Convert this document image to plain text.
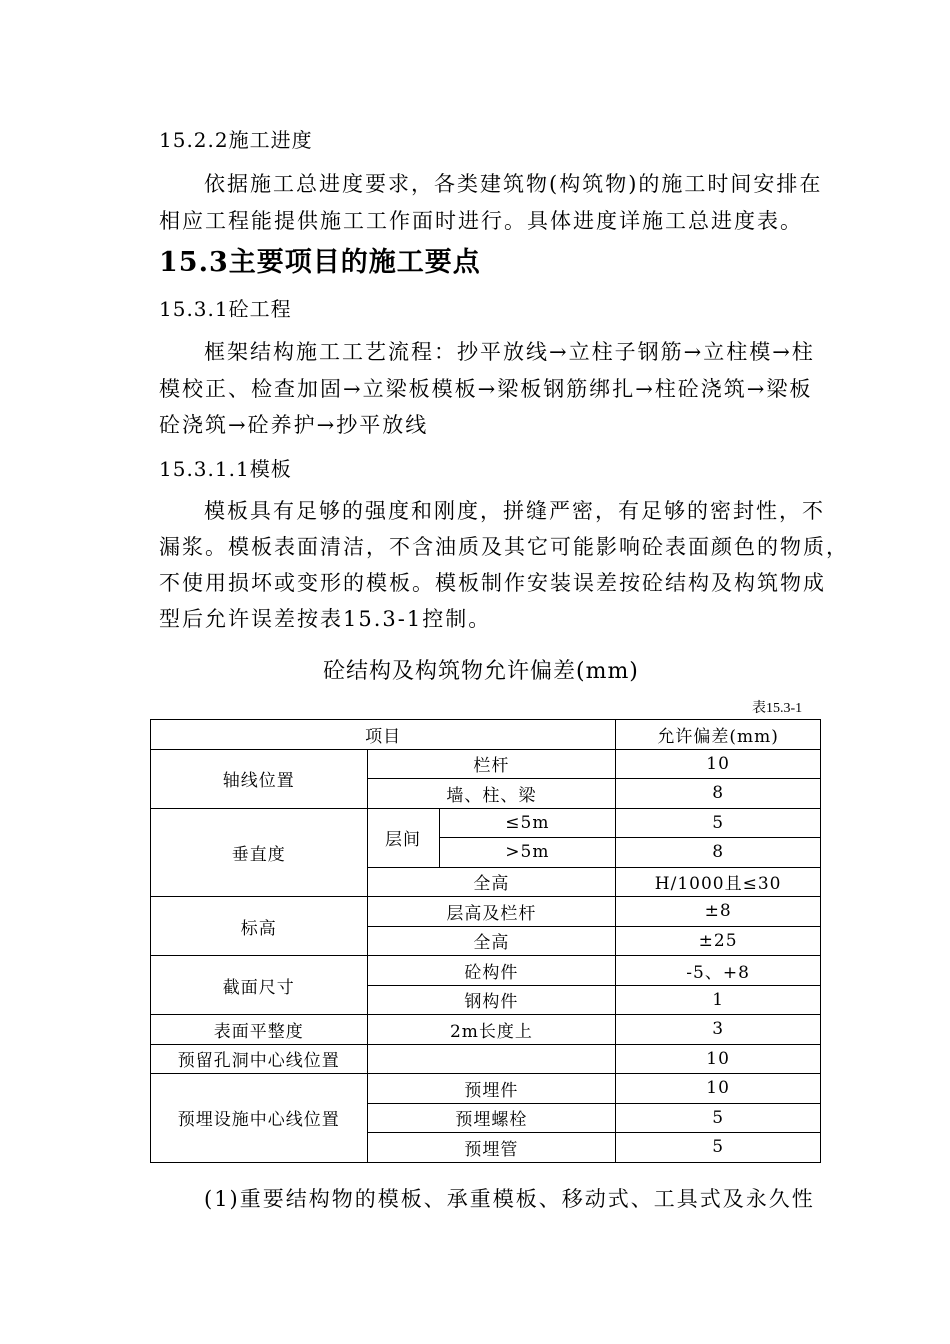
15.2.2施工进度
依据施工总进度要求，各类建筑物(构筑物)的施工时间安排在
相应工程能提供施工工作面时进行。具体进度详施工总进度表。
15.3主要项目的施工要点
15.3.1砼工程
框架结构施工工艺流程：抄平放线→立柱子钢筋→立柱模→柱
模校正、检查加固→立梁板模板→梁板钢筋绑扎→柱砼浇筑→梁板
砼浇筑→砼养护→抄平放线
15.3.1.1模板
模板具有足够的强度和刚度，拼缝严密，有足够的密封性，不
漏浆。模板表面清洁，不含油质及其它可能影响砼表面颜色的物质，
不使用损坏或变形的模板。模板制作安装误差按砼结构及构筑物成
型后允许误差按表15.3-1控制。
砼结构及构筑物允许偏差(mm)
表15.3-1
项目			允许偏差(mm)
轴线位置	栏杆		10
	墙、柱、梁		8
垂直度	层间	≤5m	5
		>5m	8
	全高		H/1000且≤30
标高	层高及栏杆		±8
	全高		±25
截面尺寸	砼构件		-5、+8
	钢构件		1
表面平整度	2m长度上		3
预留孔洞中心线位置			10
预埋设施中心线位置	预埋件		10
	预埋螺栓		5
	预埋管		5
(1)重要结构物的模板、承重模板、移动式、工具式及永久性
